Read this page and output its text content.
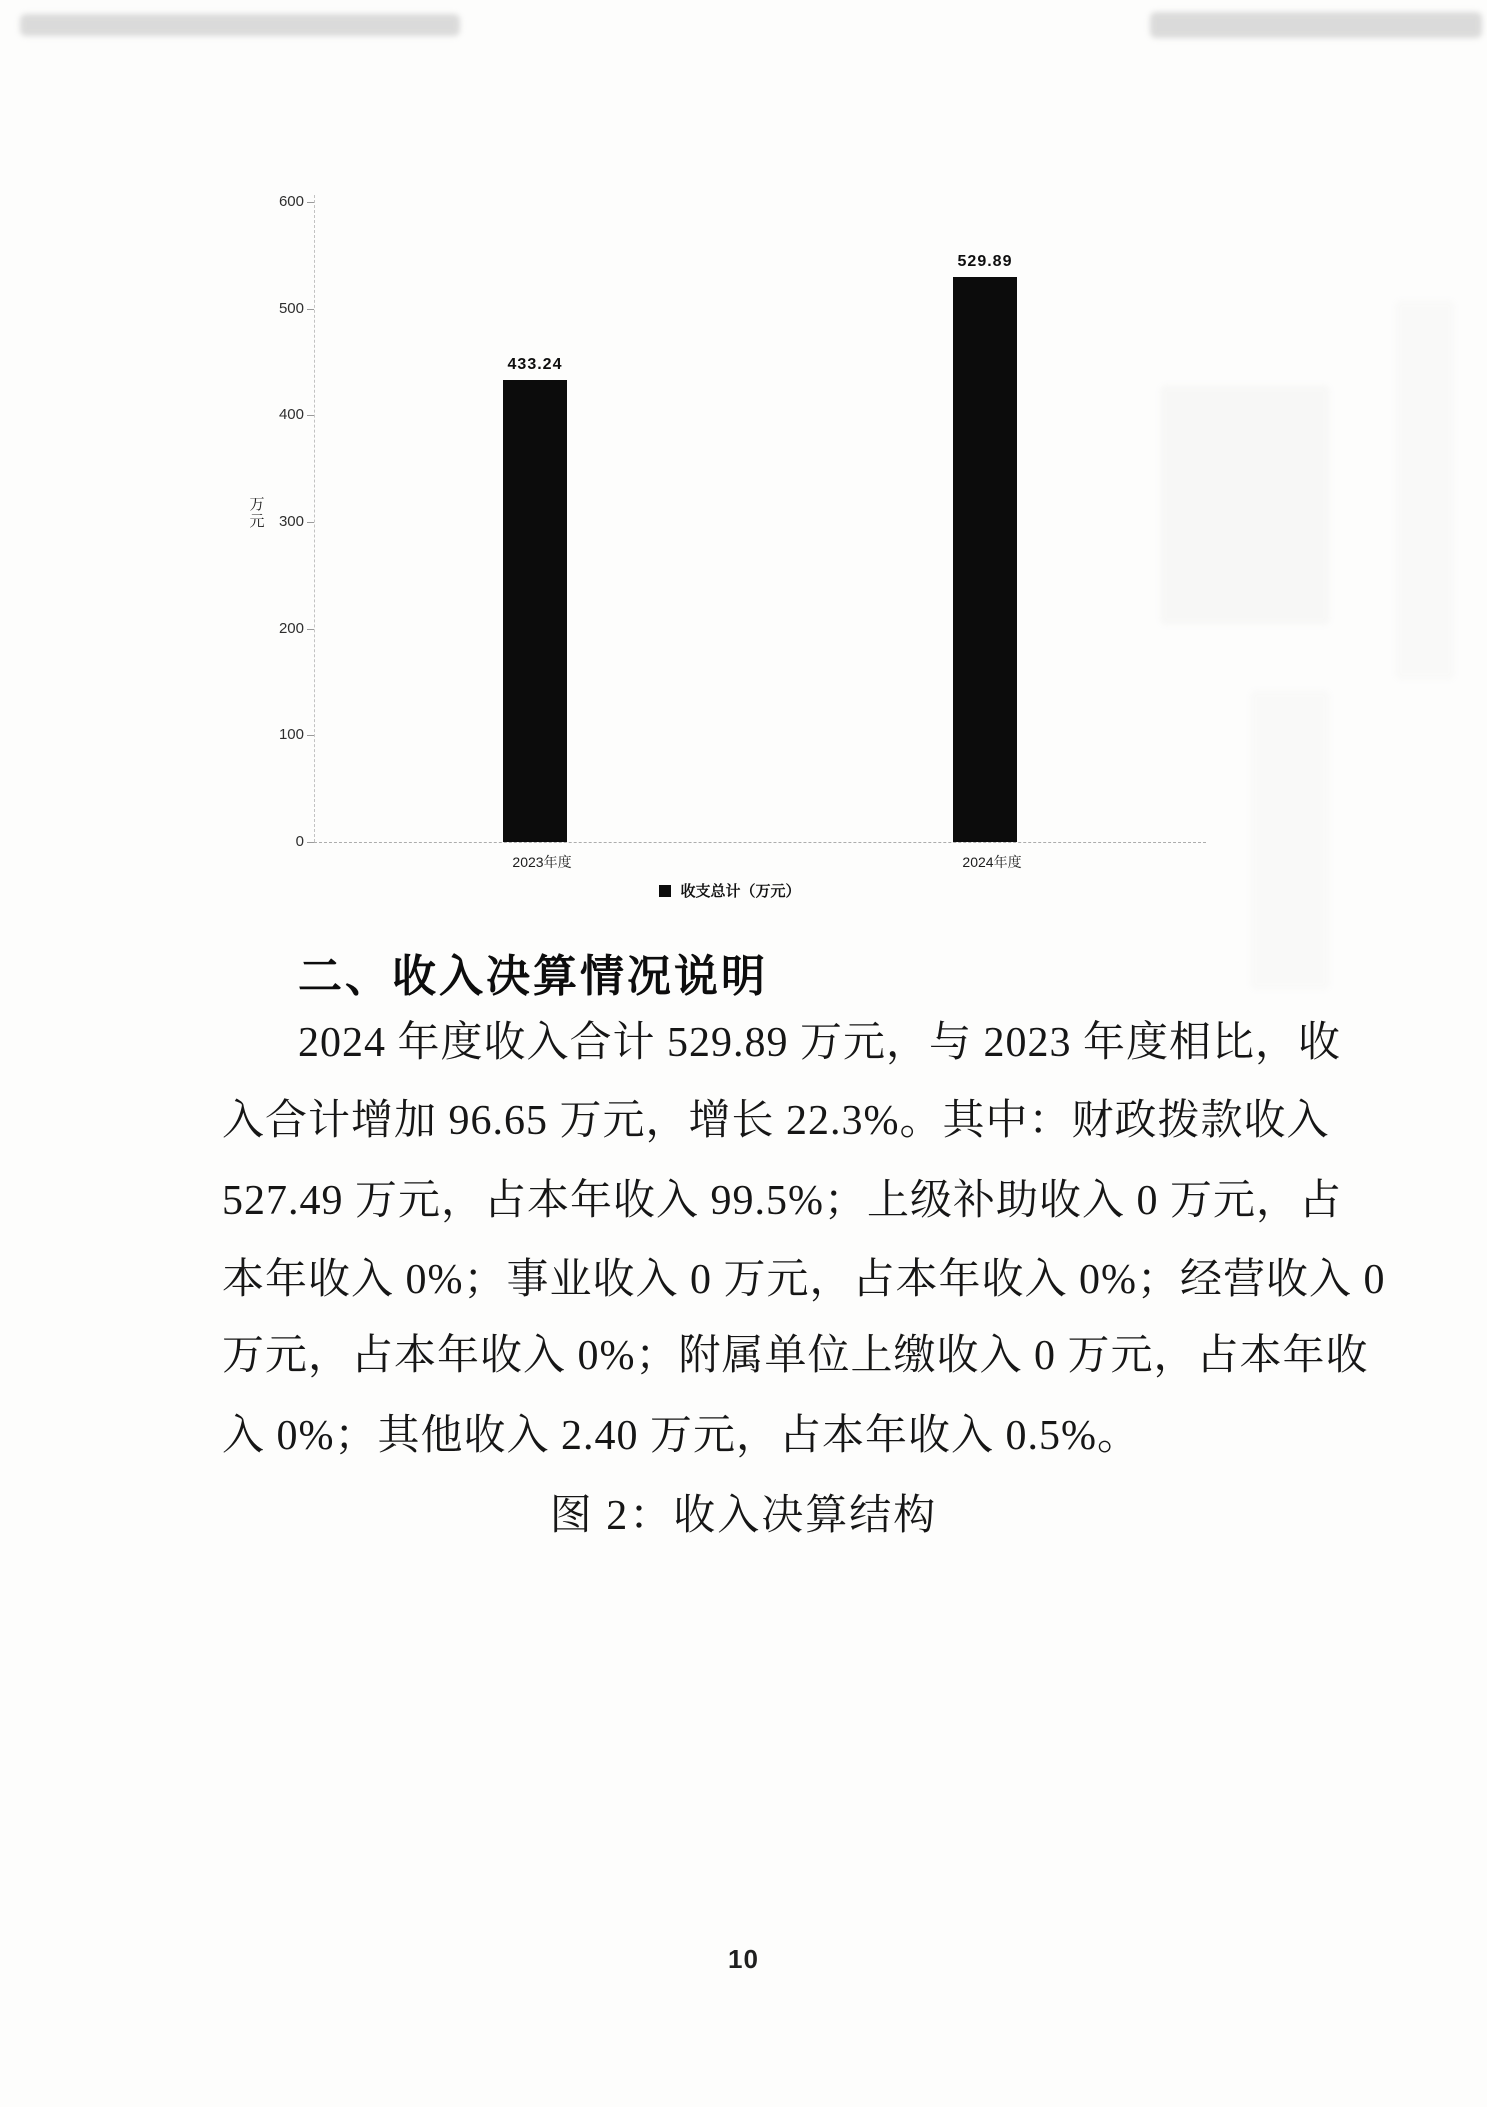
万
元
0
100
200
300
400
500
600
433.24
2023年度
529.89
2024年度
收支总计（万元）
二、收入决算情况说明
2024 年度收入合计 529.89 万元，与 2023 年度相比，收
入合计增加 96.65 万元，增长 22.3%。其中：财政拨款收入
527.49 万元，占本年收入 99.5%；上级补助收入 0 万元，占
本年收入 0%；事业收入 0 万元，占本年收入 0%；经营收入 0
万元，占本年收入 0%；附属单位上缴收入 0 万元，占本年收
入 0%；其他收入 2.40 万元，占本年收入 0.5%。
图 2：收入决算结构
10
